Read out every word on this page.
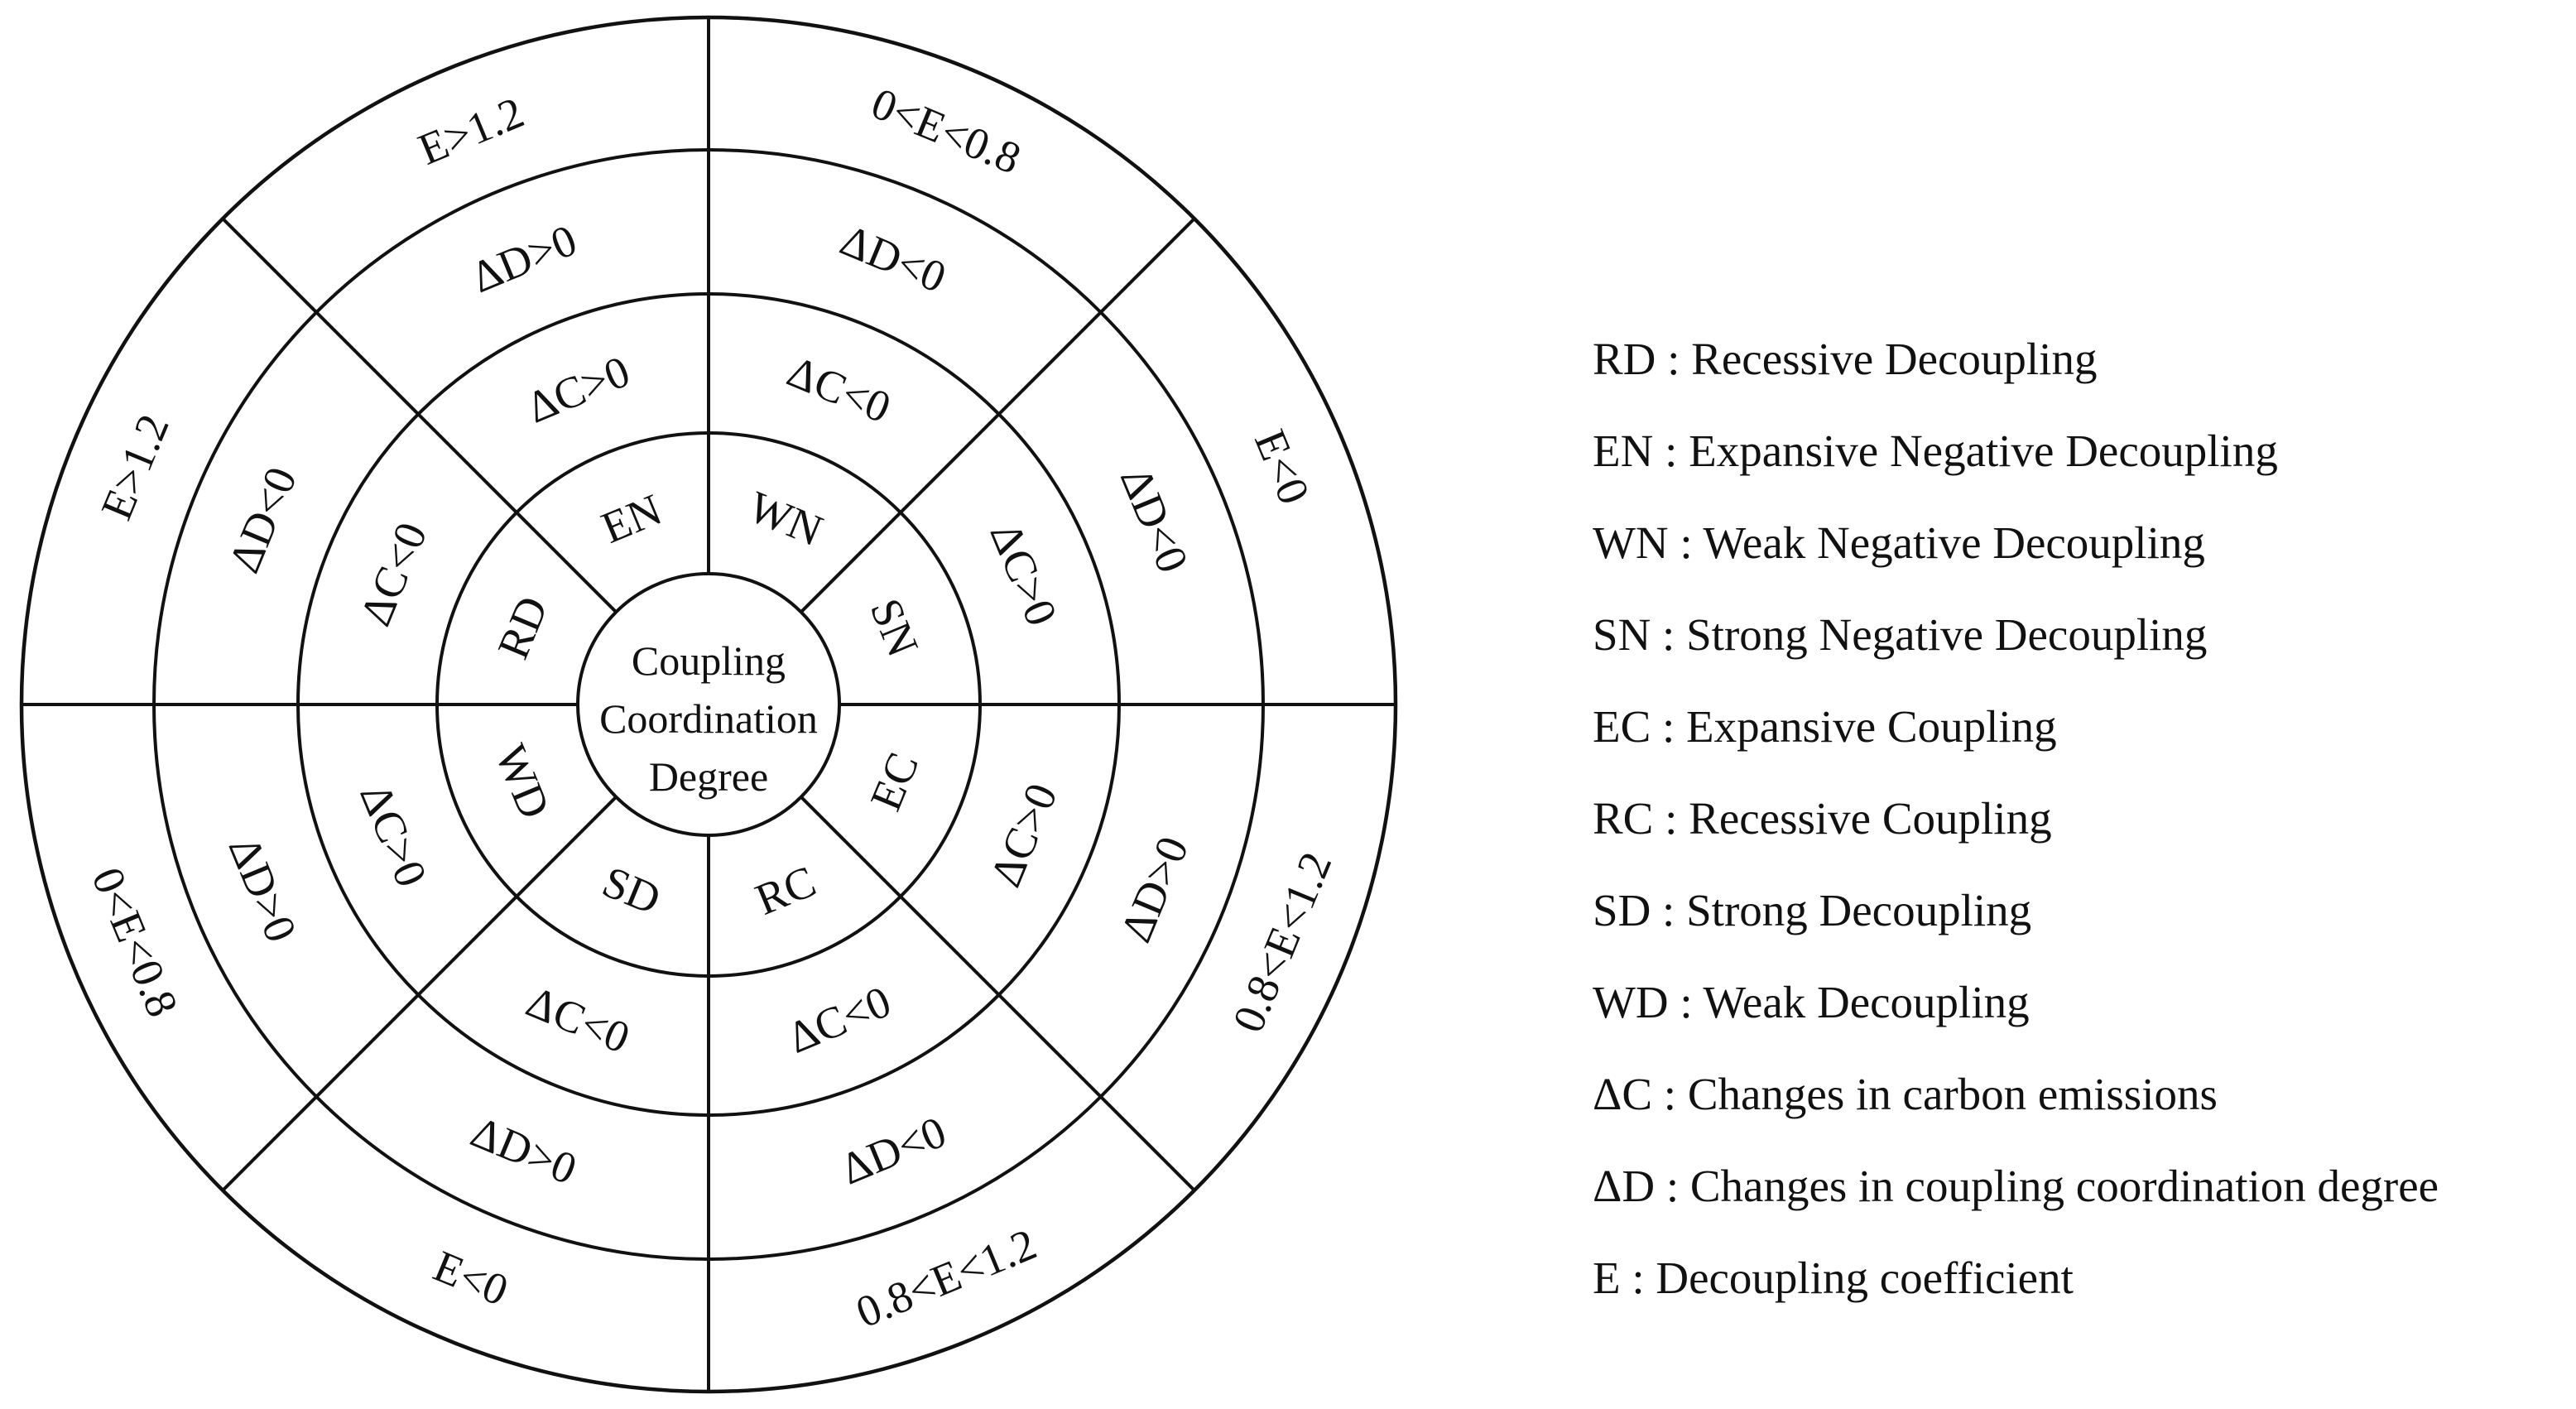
WN
SN
EC
RC
SD
WD
RD
EN
ΔC<0
ΔC>0
ΔC>0
ΔC<0
ΔC<0
ΔC>0
ΔC<0
ΔC>0
ΔD<0
ΔD<0
ΔD>0
ΔD<0
ΔD>0
ΔD>0
ΔD<0
ΔD>0
0<E<0.8
E<0
0.8<E<1.2
0.8<E<1.2
E<0
0<E<0.8
E>1.2
E>1.2
Coupling
Coordination
Degree
RD : Recessive Decoupling
EN : Expansive Negative Decoupling
WN : Weak Negative Decoupling
SN : Strong Negative Decoupling
EC : Expansive Coupling
RC : Recessive Coupling
SD : Strong Decoupling
WD : Weak Decoupling
ΔC : Changes in carbon emissions
ΔD : Changes in coupling coordination degree
E : Decoupling coefficient
